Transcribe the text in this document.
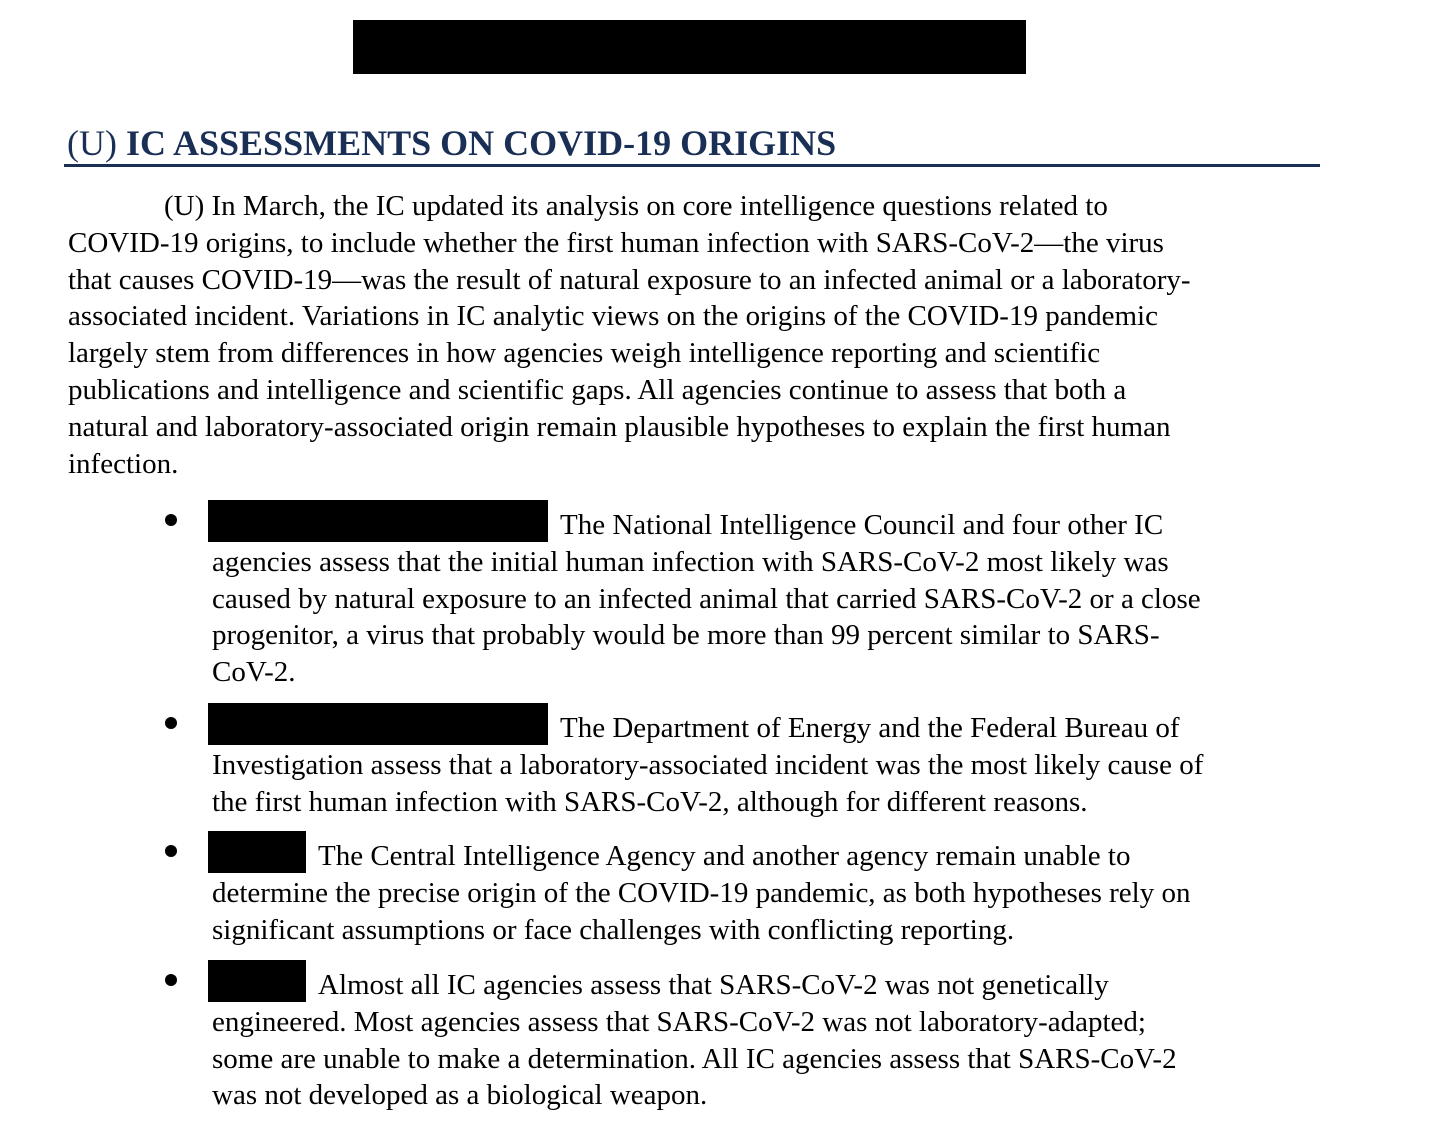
(U) IC ASSESSMENTS ON COVID-19 ORIGINS
(U) In March, the IC updated its analysis on core intelligence questions related to
COVID-19 origins, to include whether the first human infection with SARS-CoV-2—the virus
that causes COVID-19—was the result of natural exposure to an infected animal or a laboratory-
associated incident. Variations in IC analytic views on the origins of the COVID-19 pandemic
largely stem from differences in how agencies weigh intelligence reporting and scientific
publications and intelligence and scientific gaps. All agencies continue to assess that both a
natural and laboratory-associated origin remain plausible hypotheses to explain the first human
infection.
The National Intelligence Council and four other IC
agencies assess that the initial human infection with SARS-CoV-2 most likely was
caused by natural exposure to an infected animal that carried SARS-CoV-2 or a close
progenitor, a virus that probably would be more than 99 percent similar to SARS-
CoV-2.
The Department of Energy and the Federal Bureau of
Investigation assess that a laboratory-associated incident was the most likely cause of
the first human infection with SARS-CoV-2, although for different reasons.
The Central Intelligence Agency and another agency remain unable to
determine the precise origin of the COVID-19 pandemic, as both hypotheses rely on
significant assumptions or face challenges with conflicting reporting.
Almost all IC agencies assess that SARS-CoV-2 was not genetically
engineered. Most agencies assess that SARS-CoV-2 was not laboratory-adapted;
some are unable to make a determination. All IC agencies assess that SARS-CoV-2
was not developed as a biological weapon.
